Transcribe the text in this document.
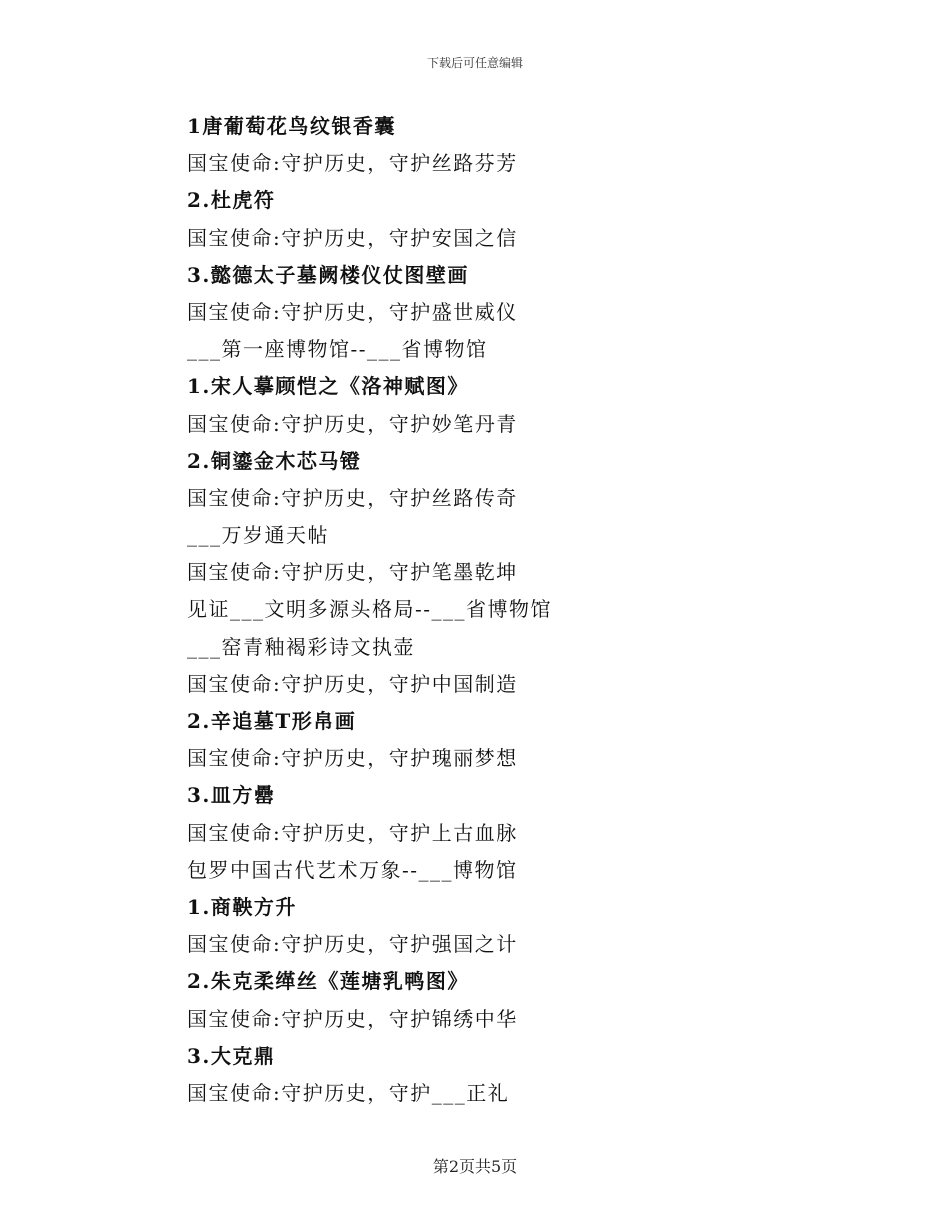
下载后可任意编辑
1唐葡萄花鸟纹银香囊
国宝使命:守护历史，守护丝路芬芳
2.杜虎符
国宝使命:守护历史，守护安国之信
3.懿德太子墓阙楼仪仗图壁画
国宝使命:守护历史，守护盛世威仪
___第一座博物馆--___省博物馆
1.宋人摹顾恺之《洛神赋图》
国宝使命:守护历史，守护妙笔丹青
2.铜鎏金木芯马镫
国宝使命:守护历史，守护丝路传奇
___万岁通天帖
国宝使命:守护历史，守护笔墨乾坤
见证___文明多源头格局--___省博物馆
___窑青釉褐彩诗文执壶
国宝使命:守护历史，守护中国制造
2.辛追墓T形帛画
国宝使命:守护历史，守护瑰丽梦想
3.皿方罍
国宝使命:守护历史，守护上古血脉
包罗中国古代艺术万象--___博物馆
1.商鞅方升
国宝使命:守护历史，守护强国之计
2.朱克柔缂丝《莲塘乳鸭图》
国宝使命:守护历史，守护锦绣中华
3.大克鼎
国宝使命:守护历史，守护___正礼
第2页共5页
